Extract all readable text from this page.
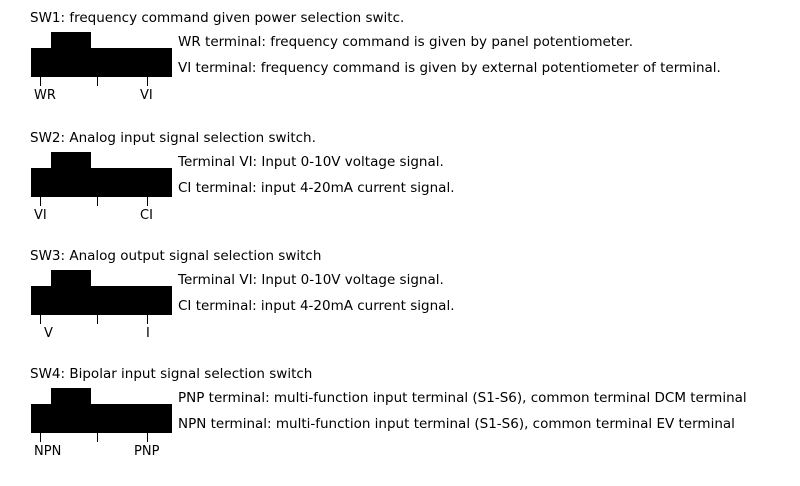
SW1: frequency command given power selection switc.
WR	VI
WR terminal: frequency command is given by panel potentiometer.
VI terminal: frequency command is given by external potentiometer of terminal.
SW2: Analog input signal selection switch.
VI	CI
Terminal VI: Input 0-10V voltage signal.
CI terminal: input 4-20mA current signal.
SW3: Analog output signal selection switch
V	I
Terminal VI: Input 0-10V voltage signal.
CI terminal: input 4-20mA current signal.
SW4: Bipolar input signal selection switch
NPN	PNP
PNP terminal: multi-function input terminal (S1-S6), common terminal DCM terminal
NPN terminal: multi-function input terminal (S1-S6), common terminal EV terminal
